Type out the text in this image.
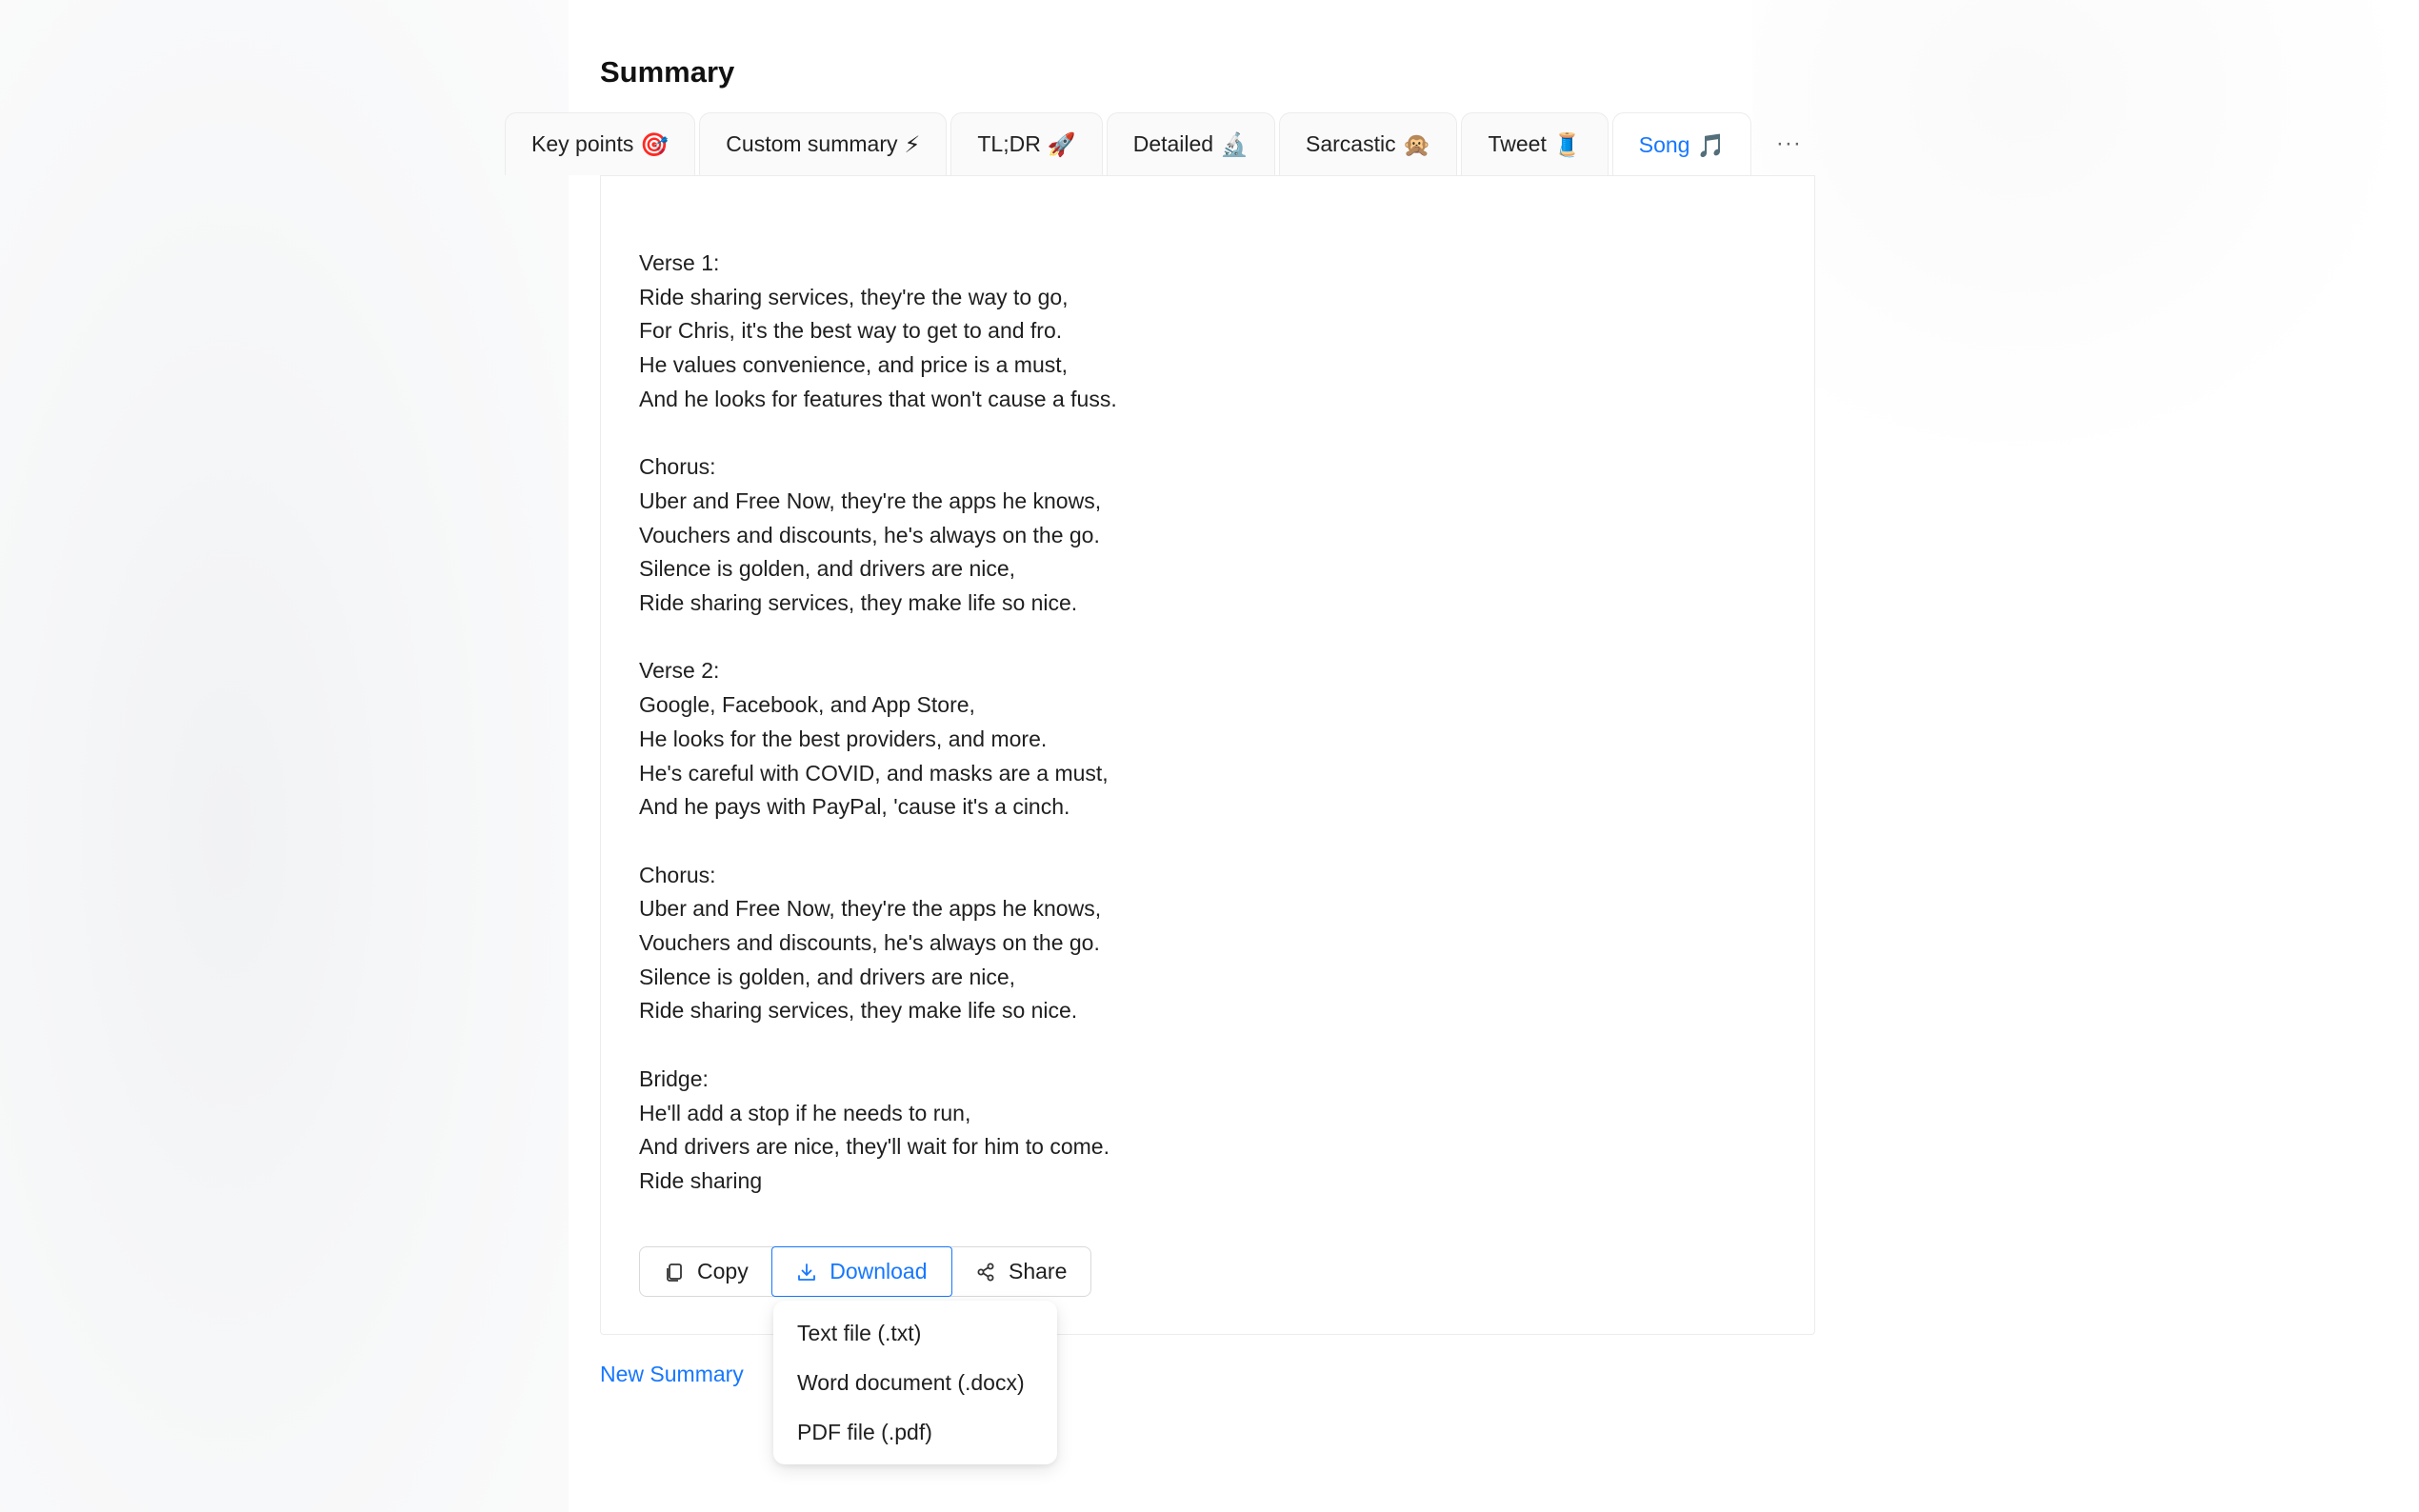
Summary
Key points 🎯	Custom summary ⚡	TL;DR 🚀	Detailed 🔬	Sarcastic 🙊	Tweet 🧵	Song 🎵	···
Verse 1:
Ride sharing services, they're the way to go,
For Chris, it's the best way to get to and fro.
He values convenience, and price is a must,
And he looks for features that won't cause a fuss.
Chorus:
Uber and Free Now, they're the apps he knows,
Vouchers and discounts, he's always on the go.
Silence is golden, and drivers are nice,
Ride sharing services, they make life so nice.
Verse 2:
Google, Facebook, and App Store,
He looks for the best providers, and more.
He's careful with COVID, and masks are a must,
And he pays with PayPal, 'cause it's a cinch.
Chorus:
Uber and Free Now, they're the apps he knows,
Vouchers and discounts, he's always on the go.
Silence is golden, and drivers are nice,
Ride sharing services, they make life so nice.
Bridge:
He'll add a stop if he needs to run,
And drivers are nice, they'll wait for him to come.
Ride sharing
Copy	Download	Share
New Summary
Text file (.txt)
Word document (.docx)
PDF file (.pdf)
